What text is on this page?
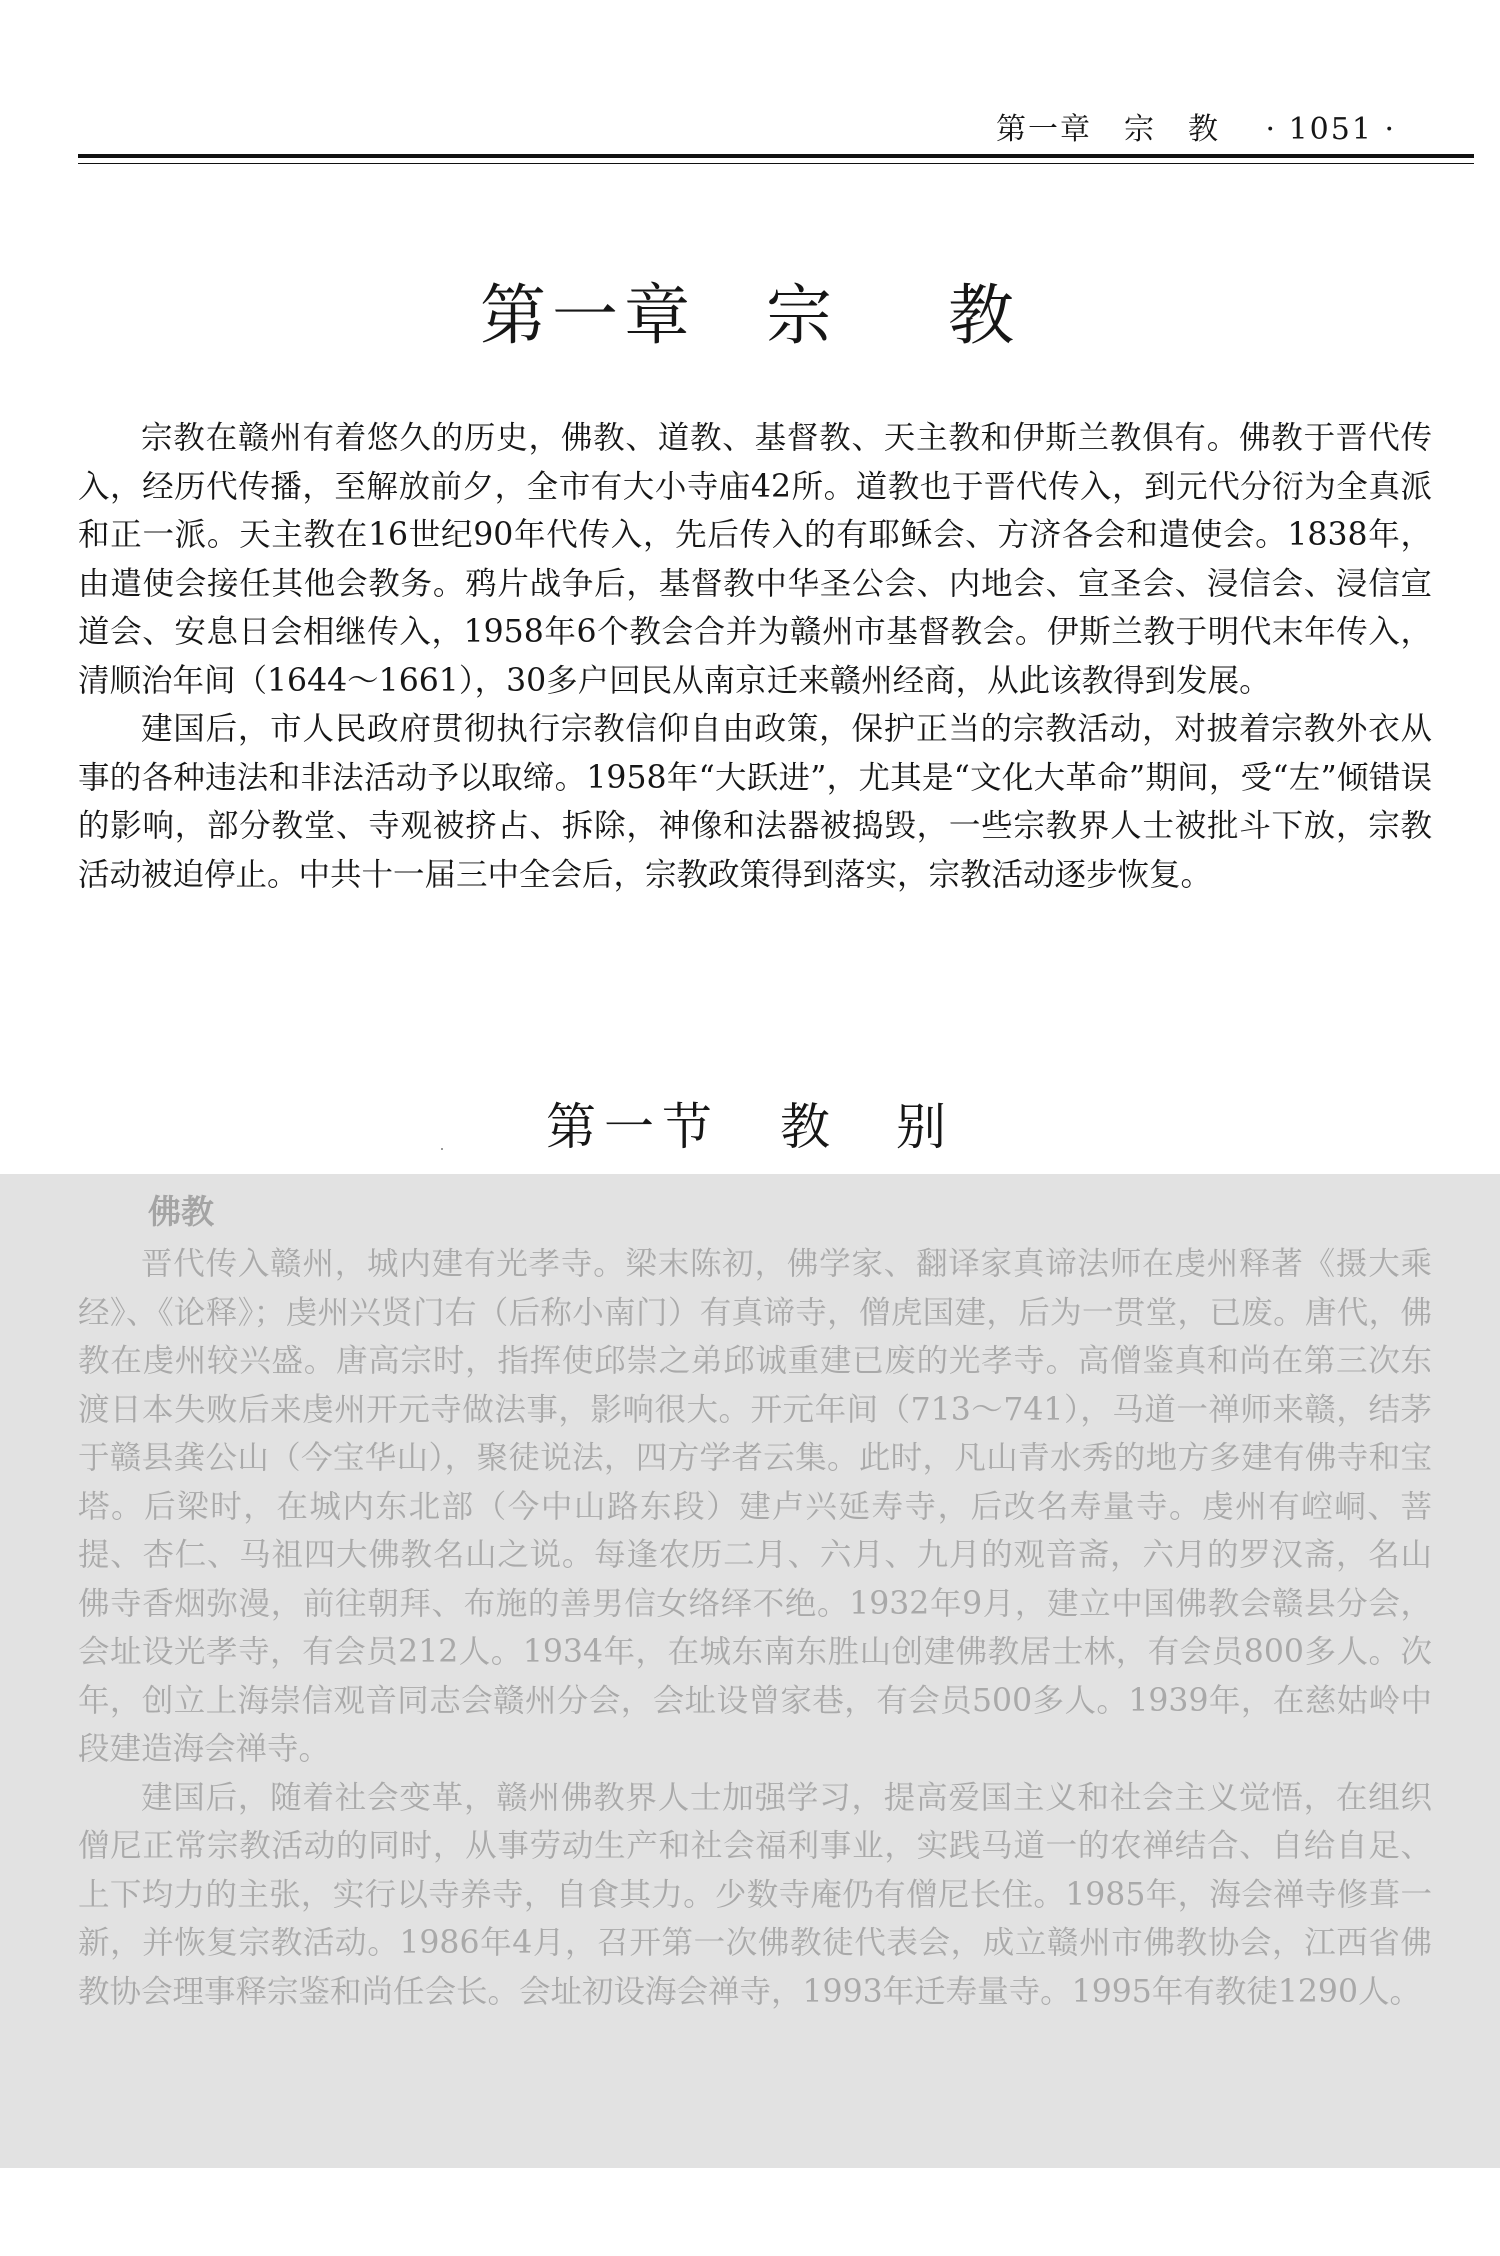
第一章　宗　教 · 1051 ·
第一章 宗 教

宗教在赣州有着悠久的历史，佛教、道教、基督教、天主教和伊斯兰教俱有。佛教于晋代传入，经历代传播，至解放前夕，全市有大小寺庙42所。道教也于晋代传入，到元代分衍为全真派和正一派。天主教在16世纪90年代传入，先后传入的有耶稣会、方济各会和遣使会。1838年，由遣使会接任其他会教务。鸦片战争后，基督教中华圣公会、内地会、宣圣会、浸信会、浸信宣道会、安息日会相继传入，1958年6个教会合并为赣州市基督教会。伊斯兰教于明代末年传入，清顺治年间（1644～1661），30多户回民从南京迁来赣州经商，从此该教得到发展。

建国后，市人民政府贯彻执行宗教信仰自由政策，保护正当的宗教活动，对披着宗教外衣从事的各种违法和非法活动予以取缔。1958年“大跃进”，尤其是“文化大革命”期间，受“左”倾错误的影响，部分教堂、寺观被挤占、拆除，神像和法器被捣毁，一些宗教界人士被批斗下放，宗教活动被迫停止。中共十一届三中全会后，宗教政策得到落实，宗教活动逐步恢复。

第一节 教　别
佛教

晋代传入赣州，城内建有光孝寺。梁末陈初，佛学家、翻译家真谛法师在虔州释著《摄大乘经》、《论释》；虔州兴贤门右（后称小南门）有真谛寺，僧虎国建，后为一贯堂，已废。唐代，佛教在虔州较兴盛。唐高宗时，指挥使邱崇之弟邱诚重建已废的光孝寺。高僧鉴真和尚在第三次东渡日本失败后来虔州开元寺做法事，影响很大。开元年间（713～741），马道一禅师来赣，结茅于赣县龚公山（今宝华山），聚徒说法，四方学者云集。此时，凡山青水秀的地方多建有佛寺和宝塔。后梁时，在城内东北部（今中山路东段）建卢兴延寿寺，后改名寿量寺。虔州有崆峒、菩提、杏仁、马祖四大佛教名山之说。每逢农历二月、六月、九月的观音斋，六月的罗汉斋，名山佛寺香烟弥漫，前往朝拜、布施的善男信女络绎不绝。1932年9月，建立中国佛教会赣县分会，会址设光孝寺，有会员212人。1934年，在城东南东胜山创建佛教居士林，有会员800多人。次年，创立上海崇信观音同志会赣州分会，会址设曾家巷，有会员500多人。1939年，在慈姑岭中段建造海会禅寺。

建国后，随着社会变革，赣州佛教界人士加强学习，提高爱国主义和社会主义觉悟，在组织僧尼正常宗教活动的同时，从事劳动生产和社会福利事业，实践马道一的农禅结合、自给自足、上下均力的主张，实行以寺养寺，自食其力。少数寺庵仍有僧尼长住。1985年，海会禅寺修葺一新，并恢复宗教活动。1986年4月，召开第一次佛教徒代表会，成立赣州市佛教协会，江西省佛教协会理事释宗鉴和尚任会长。会址初设海会禅寺，1993年迁寿量寺。1995年有教徒1290人。
